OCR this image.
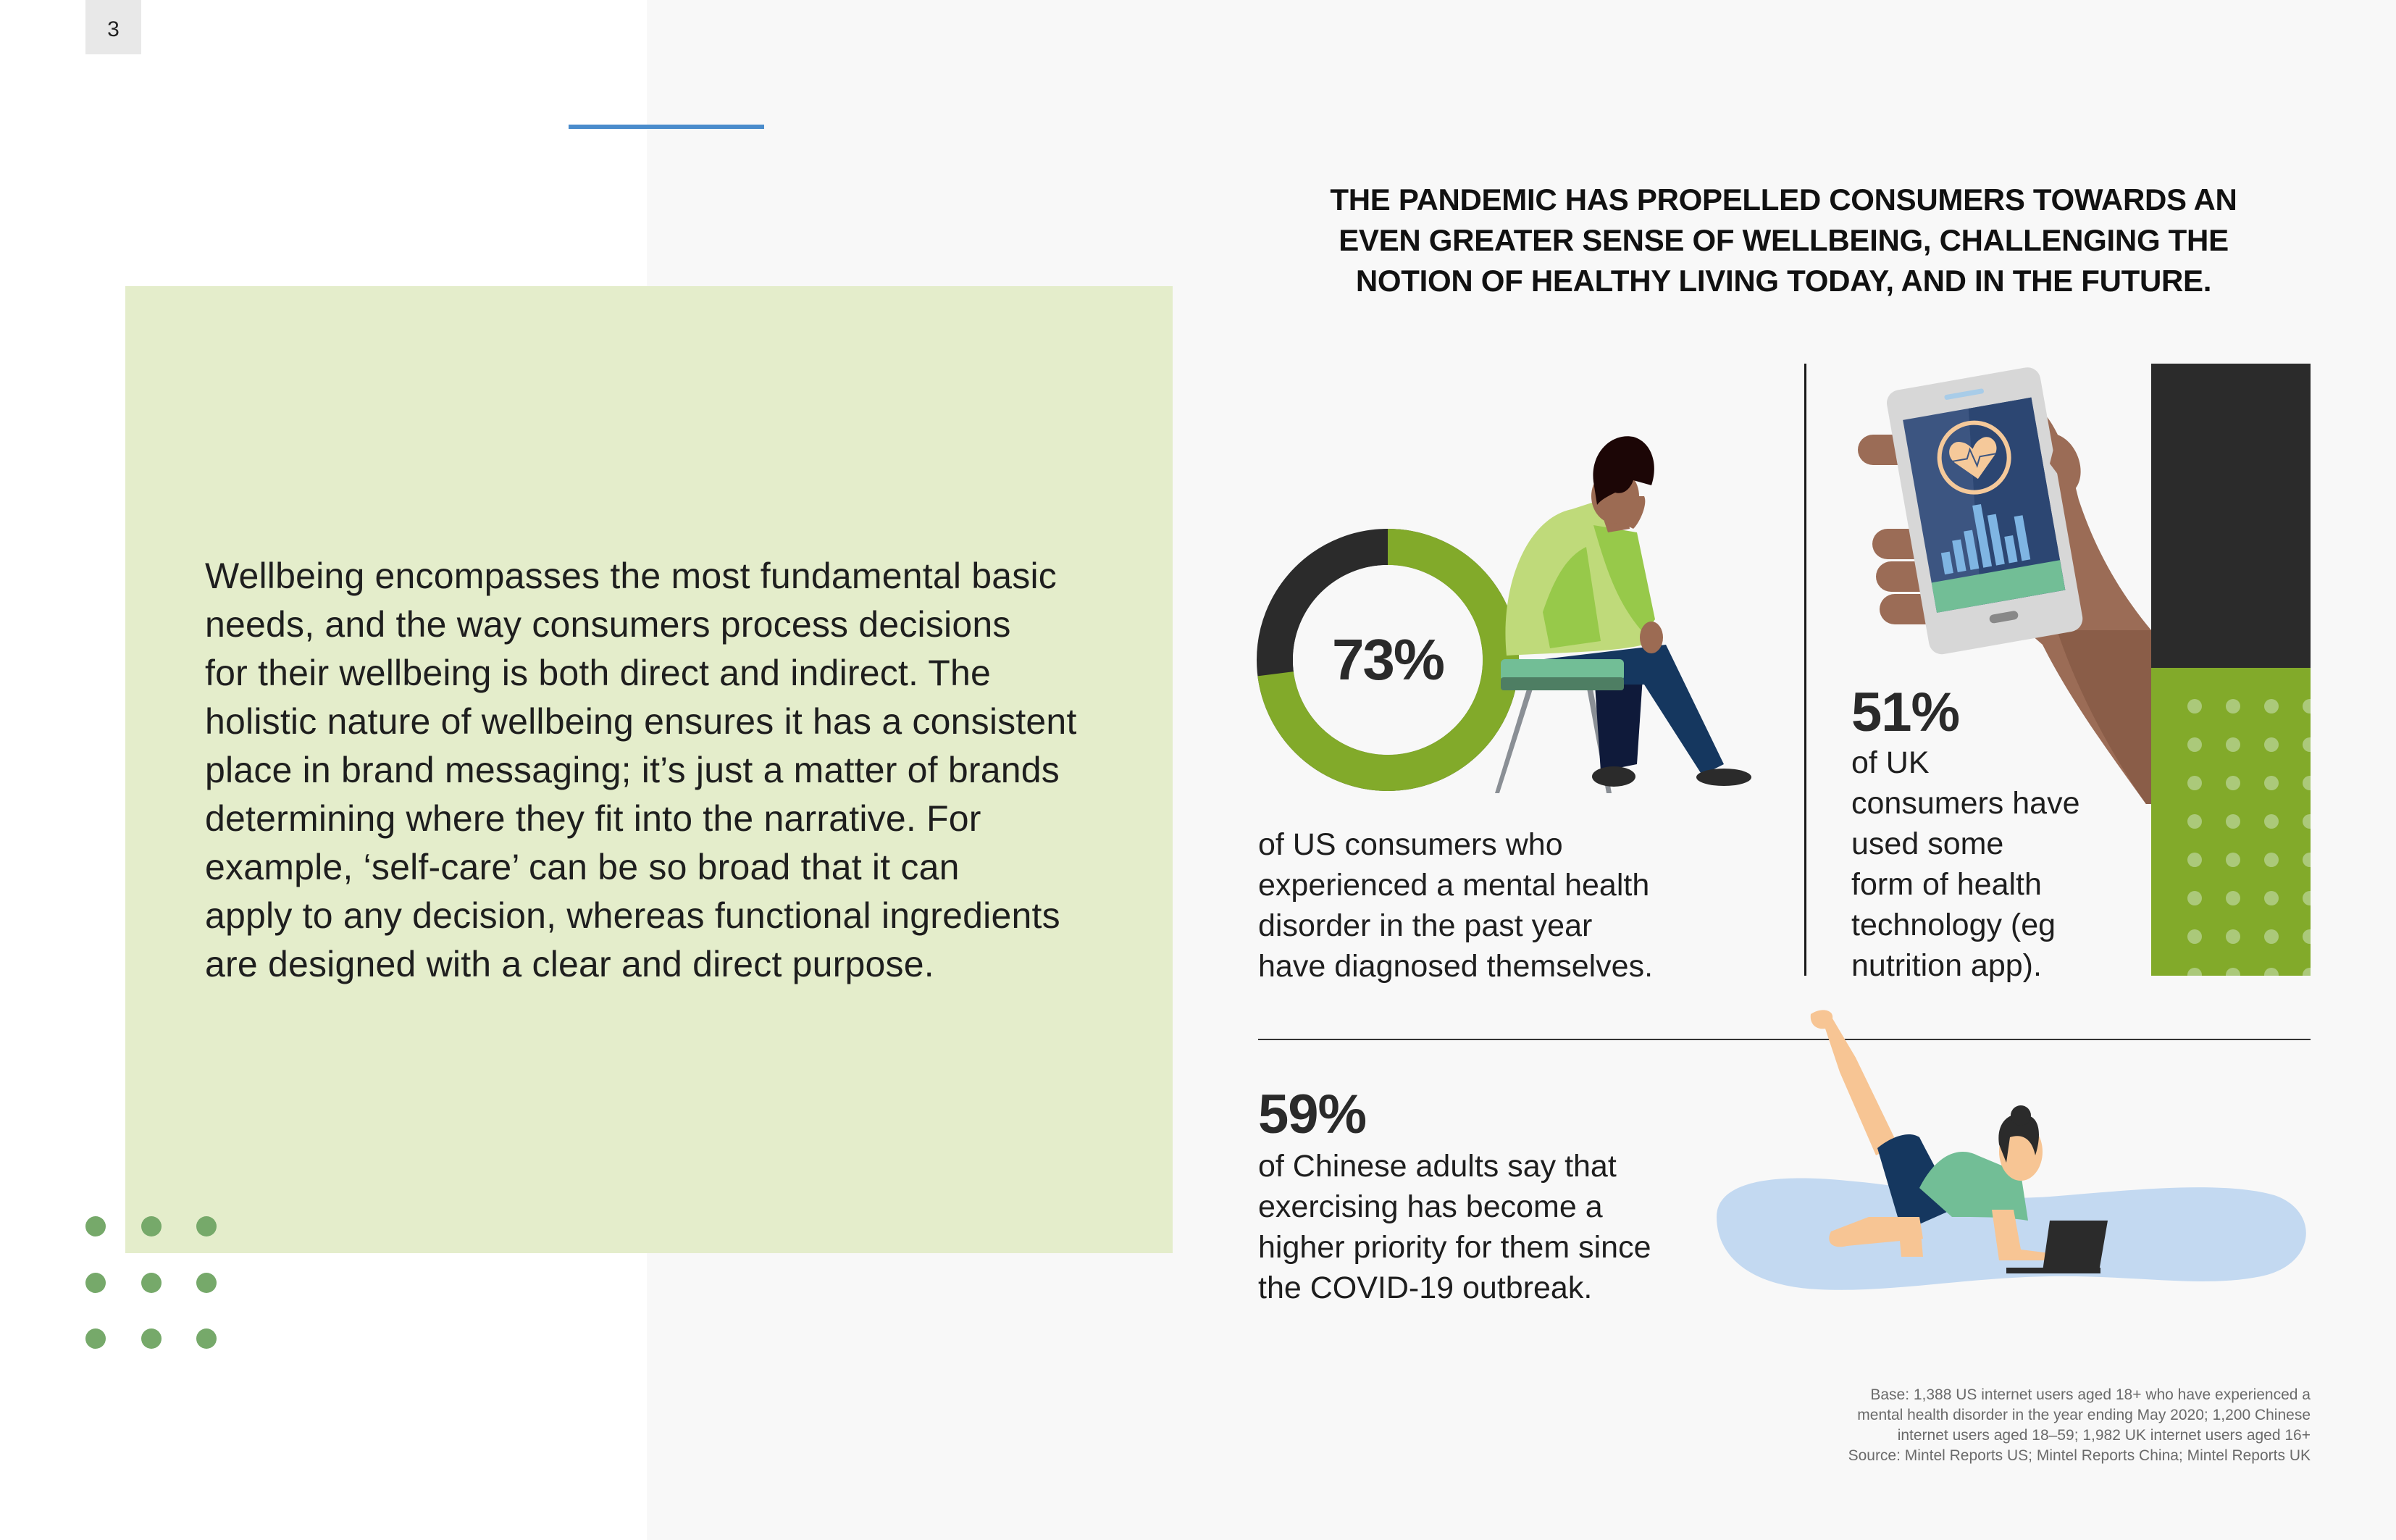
3
Wellbeing encompasses the most fundamental basic
needs, and the way consumers process decisions
for their wellbeing is both direct and indirect. The
holistic nature of wellbeing ensures it has a consistent
place in brand messaging; it’s just a matter of brands
determining where they fit into the narrative. For
example, ‘self-care’ can be so broad that it can
apply to any decision, whereas functional ingredients
are designed with a clear and direct purpose.
THE PANDEMIC HAS PROPELLED CONSUMERS TOWARDS AN
EVEN GREATER SENSE OF WELLBEING, CHALLENGING THE
NOTION OF HEALTHY LIVING TODAY, AND IN THE FUTURE.
73%
of US consumers who
experienced a mental health
disorder in the past year
have diagnosed themselves.
51%
of UK
consumers have
used some
form of health
technology (eg
nutrition app).
59%
of Chinese adults say that
exercising has become a
higher priority for them since
the COVID-19 outbreak.
Base: 1,388 US internet users aged 18+ who have experienced a
mental health disorder in the year ending May 2020; 1,200 Chinese
internet users aged 18–59; 1,982 UK internet users aged 16+
Source: Mintel Reports US; Mintel Reports China; Mintel Reports UK
